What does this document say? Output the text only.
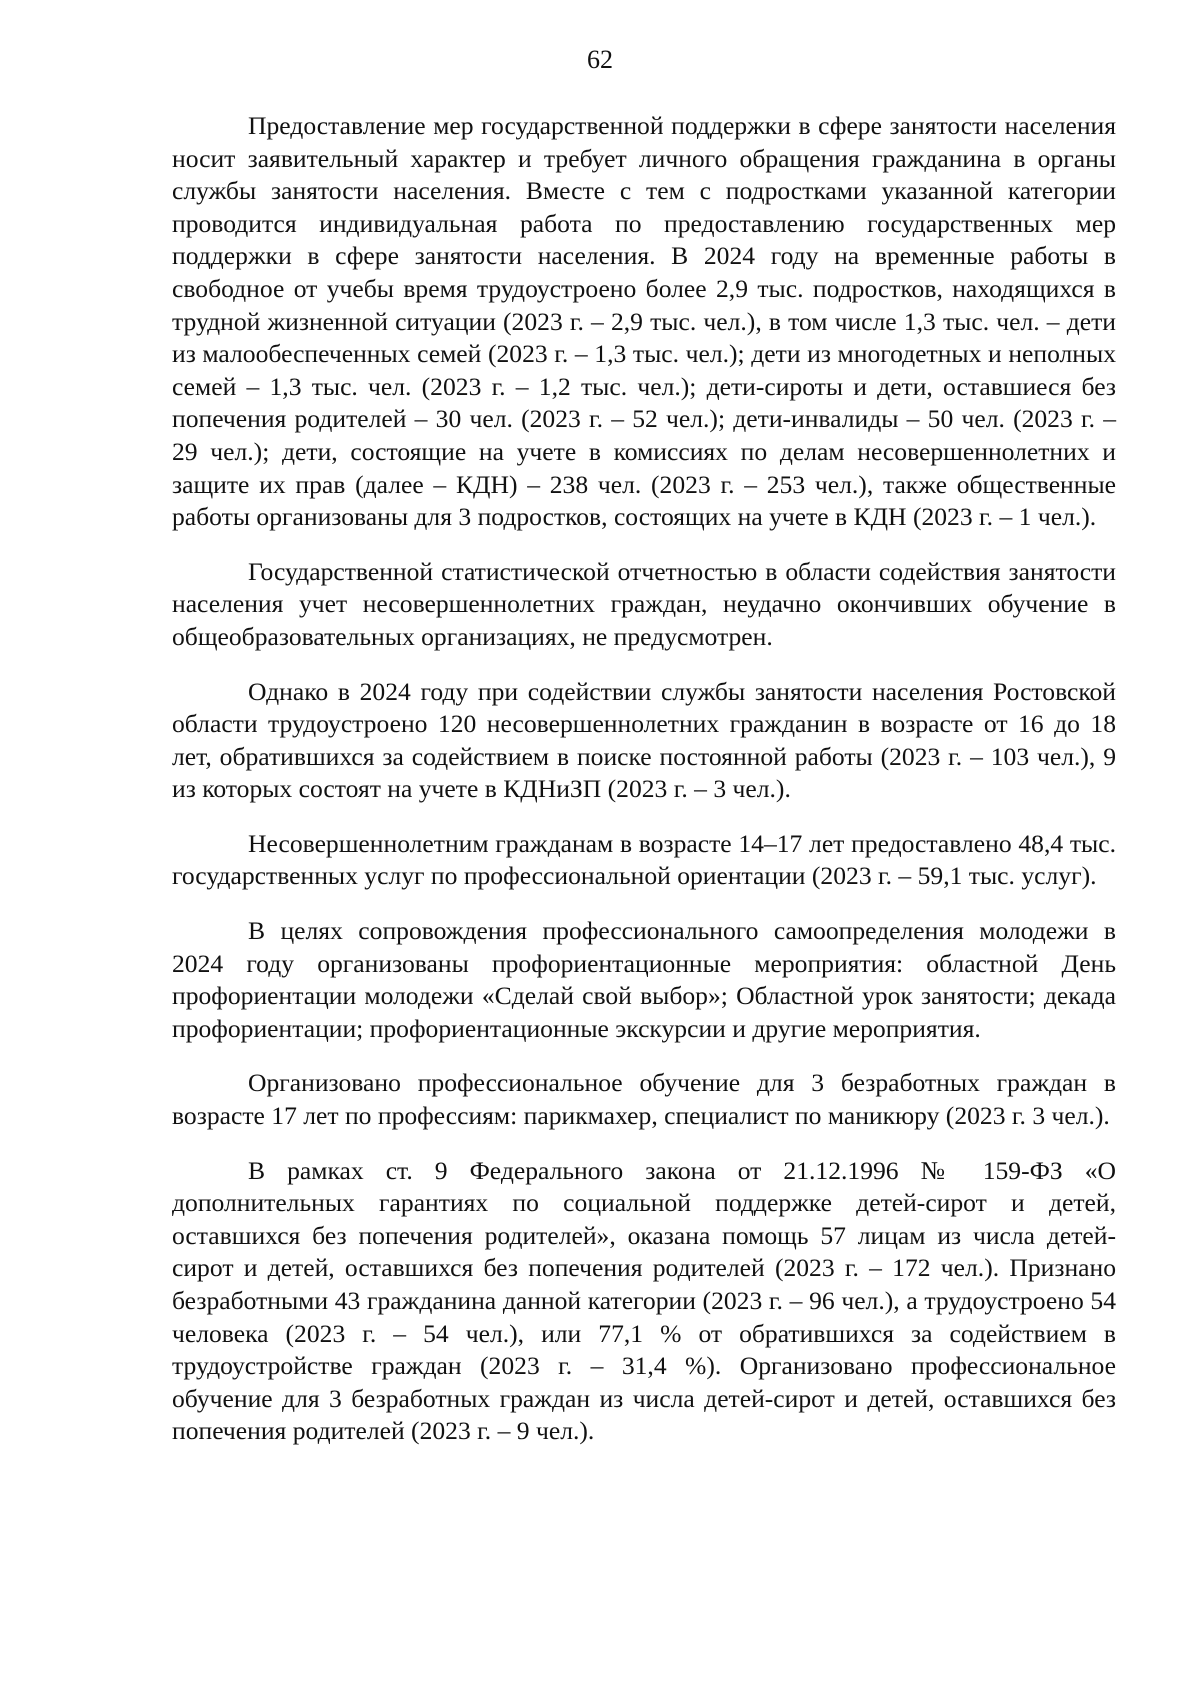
62

Предоставление мер государственной поддержки в сфере занятости населения носит заявительный характер и требует личного обращения гражданина в органы службы занятости населения. Вместе с тем с подростками указанной категории проводится индивидуальная работа по предоставлению государственных мер поддержки в сфере занятости населения. В 2024 году на временные работы в свободное от учебы время трудоустроено более 2,9 тыс. подростков, находящихся в трудной жизненной ситуации (2023 г. – 2,9 тыс. чел.), в том числе 1,3 тыс. чел. – дети из малообеспеченных семей (2023 г. – 1,3 тыс. чел.); дети из многодетных и неполных семей – 1,3 тыс. чел. (2023 г. – 1,2 тыс. чел.); дети-сироты и дети, оставшиеся без попечения родителей – 30 чел. (2023 г. – 52 чел.); дети-инвалиды – 50 чел. (2023 г. – 29 чел.); дети, состоящие на учете в комиссиях по делам несовершеннолетних и защите их прав (далее – КДН) – 238 чел. (2023 г. – 253 чел.), также общественные работы организованы для 3 подростков, состоящих на учете в КДН (2023 г. – 1 чел.).

Государственной статистической отчетностью в области содействия занятости населения учет несовершеннолетних граждан, неудачно окончивших обучение в общеобразовательных организациях, не предусмотрен.

Однако в 2024 году при содействии службы занятости населения Ростовской области трудоустроено 120 несовершеннолетних гражданин в возрасте от 16 до 18 лет, обратившихся за содействием в поиске постоянной работы (2023 г. – 103 чел.), 9 из которых состоят на учете в КДНиЗП (2023 г. – 3 чел.).

Несовершеннолетним гражданам в возрасте 14–17 лет предоставлено 48,4 тыс. государственных услуг по профессиональной ориентации (2023 г. – 59,1 тыс. услуг).

В целях сопровождения профессионального самоопределения молодежи в 2024 году организованы профориентационные мероприятия: областной День профориентации молодежи «Сделай свой выбор»; Областной урок занятости; декада профориентации; профориентационные экскурсии и другие мероприятия.

Организовано профессиональное обучение для 3 безработных граждан в возрасте 17 лет по профессиям: парикмахер, специалист по маникюру (2023 г. 3 чел.).

В рамках ст. 9 Федерального закона от 21.12.1996 № 159-ФЗ «О дополнительных гарантиях по социальной поддержке детей-сирот и детей, оставшихся без попечения родителей», оказана помощь 57 лицам из числа детей-сирот и детей, оставшихся без попечения родителей (2023 г. – 172 чел.). Признано безработными 43 гражданина данной категории (2023 г. – 96 чел.), а трудоустроено 54 человека (2023 г. – 54 чел.), или 77,1 % от обратившихся за содействием в трудоустройстве граждан (2023 г. – 31,4 %). Организовано профессиональное обучение для 3 безработных граждан из числа детей-сирот и детей, оставшихся без попечения родителей (2023 г. – 9 чел.).
